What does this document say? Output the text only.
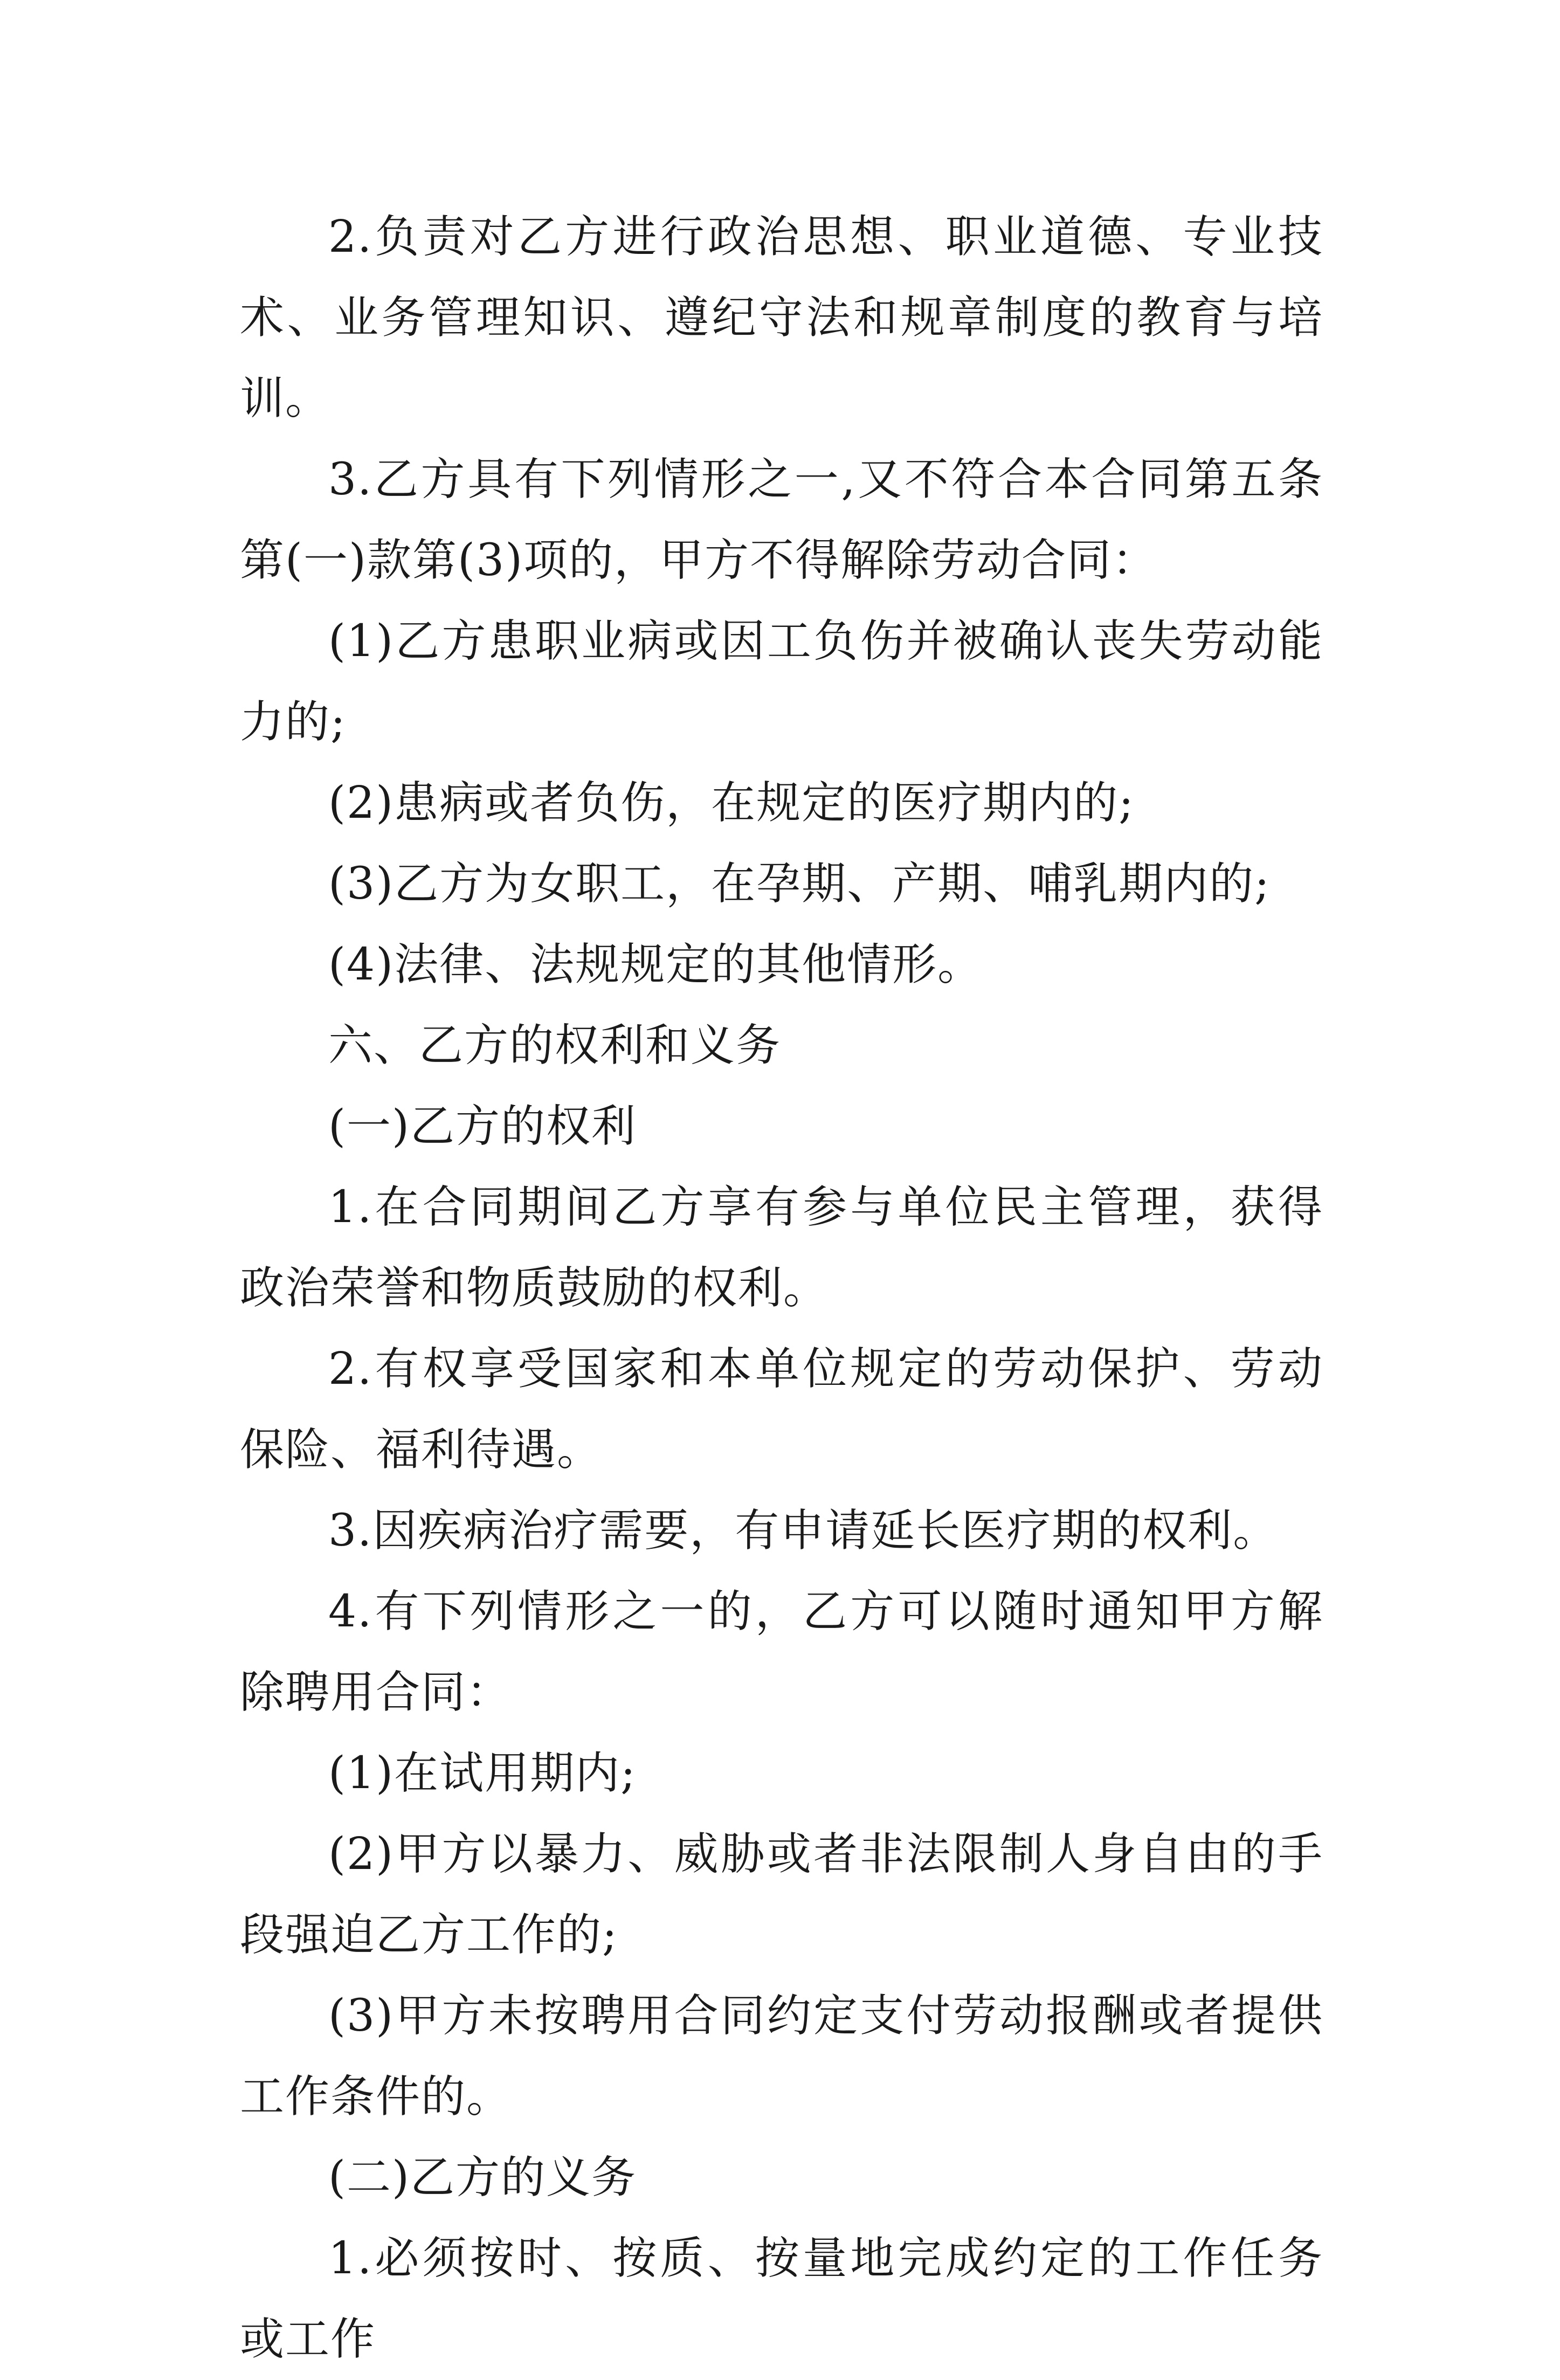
2.负责对乙方进行政治思想、职业道德、专业技术、业务管理知识、遵纪守法和规章制度的教育与培训。

3.乙方具有下列情形之一,又不符合本合同第五条第(一)款第(3)项的，甲方不得解除劳动合同：

(1)乙方患职业病或因工负伤并被确认丧失劳动能力的;

(2)患病或者负伤，在规定的医疗期内的;

(3)乙方为女职工，在孕期、产期、哺乳期内的;

(4)法律、法规规定的其他情形。

六、乙方的权利和义务

(一)乙方的权利

1.在合同期间乙方享有参与单位民主管理，获得政治荣誉和物质鼓励的权利。

2.有权享受国家和本单位规定的劳动保护、劳动保险、福利待遇。

3.因疾病治疗需要，有申请延长医疗期的权利。

4.有下列情形之一的，乙方可以随时通知甲方解除聘用合同：

(1)在试用期内;

(2)甲方以暴力、威胁或者非法限制人身自由的手段强迫乙方工作的;

(3)甲方未按聘用合同约定支付劳动报酬或者提供工作条件的。

(二)乙方的义务

1.必须按时、按质、按量地完成约定的工作任务或工作
